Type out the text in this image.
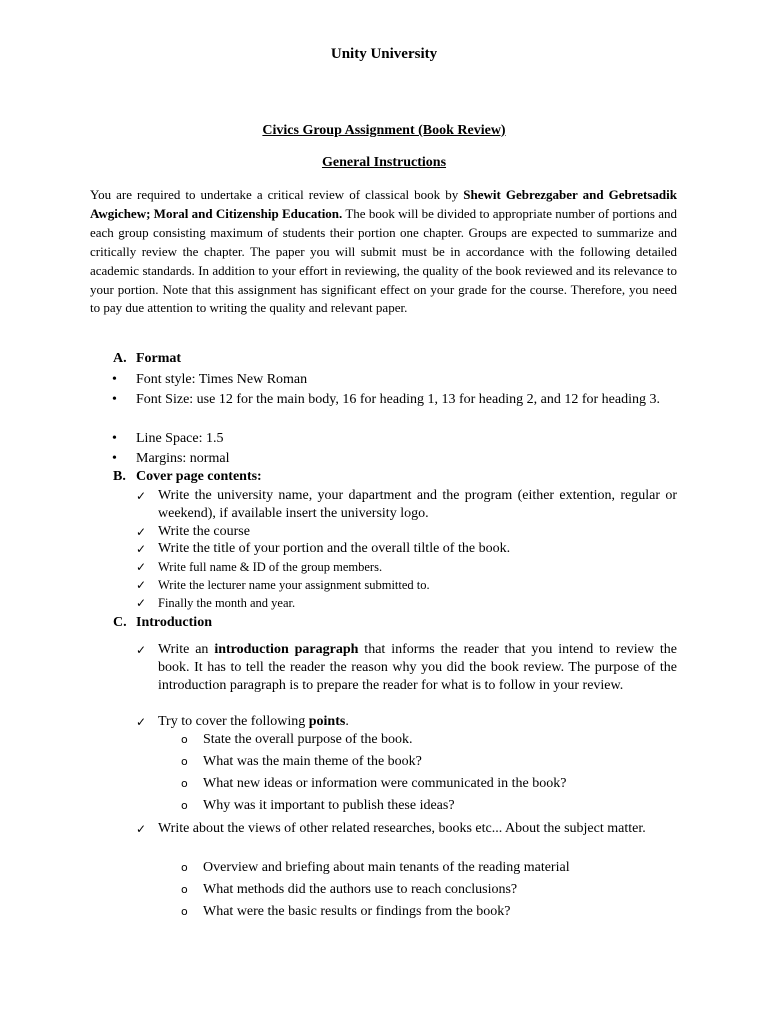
Unity University
Civics Group Assignment (Book Review)
General Instructions
You are required to undertake a critical review of classical book by Shewit Gebrezgaber and Gebretsadik Awgichew; Moral and Citizenship Education. The book will be divided to appropriate number of portions and each group consisting maximum of students their portion one chapter. Groups are expected to summarize and critically review the chapter. The paper you will submit must be in accordance with the following detailed academic standards. In addition to your effort in reviewing, the quality of the book reviewed and its relevance to your portion. Note that this assignment has significant effect on your grade for the course. Therefore, you need to pay due attention to writing the quality and relevant paper.
A. Format
• Font style: Times New Roman
• Font Size: use 12 for the main body, 16 for heading 1, 13 for heading 2, and 12 for heading 3.
• Line Space: 1.5
• Margins: normal
B. Cover page contents:
✓ Write the university name, your dapartment and the program (either extention, regular or weekend), if available insert the university logo.
✓ Write the course
✓ Write the title of your portion and the overall tiltle of the book.
✓ Write full name & ID of the group members.
✓ Write the lecturer name your assignment submitted to.
✓ Finally the month and year.
C. Introduction
✓ Write an introduction paragraph that informs the reader that you intend to review the book. It has to tell the reader the reason why you did the book review. The purpose of the introduction paragraph is to prepare the reader for what is to follow in your review.
✓ Try to cover the following points.
o State the overall purpose of the book.
o What was the main theme of the book?
o What new ideas or information were communicated in the book?
o Why was it important to publish these ideas?
✓ Write about the views of other related researches, books etc... About the subject matter.
o Overview and briefing about main tenants of the reading material
o What methods did the authors use to reach conclusions?
o What were the basic results or findings from the book?
